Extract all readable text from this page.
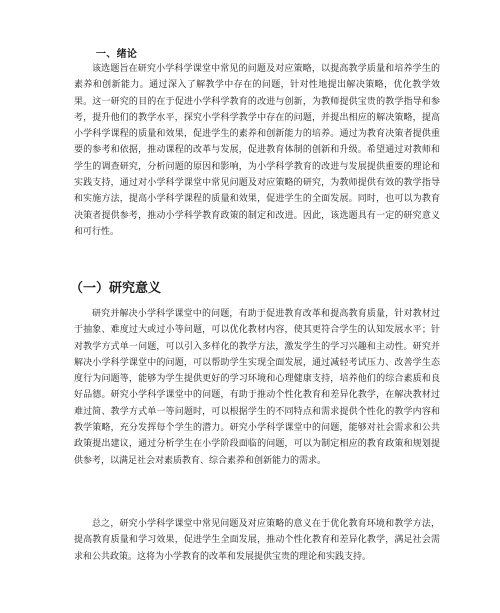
一、绪论

该选题旨在研究小学科学课堂中常见的问题及对应策略，以提高教学质量和培养学生的素养和创新能力。通过深入了解教学中存在的问题，针对性地提出解决策略，优化教学效果。这一研究的目的在于促进小学科学教育的改进与创新，为教师提供宝贵的教学指导和参考，提升他们的教学水平，探究小学科学教学中存在的问题，并提出相应的解决策略，提高小学科学课程的质量和效果，促进学生的素养和创新能力的培养。通过为教育决策者提供重要的参考和依据，推动课程的改革与发展，促进教育体制的创新和升级。希望通过对教师和学生的调查研究，分析问题的原因和影响，为小学科学教育的改进与发展提供重要的理论和实践支持，通过对小学科学课堂中常见问题及对应策略的研究，为教师提供有效的教学指导和实施方法，提高小学科学课程的质量和效果，促进学生的全面发展。同时，也可以为教育决策者提供参考，推动小学科学教育政策的制定和改进。因此，该选题具有一定的研究意义和可行性。

（一）研究意义

研究并解决小学科学课堂中的问题，有助于促进教育改革和提高教育质量，针对教材过于抽象、难度过大或过小等问题，可以优化教材内容，使其更符合学生的认知发展水平；针对教学方式单一问题，可以引入多样化的教学方法，激发学生的学习兴趣和主动性。研究并解决小学科学课堂中的问题，可以帮助学生实现全面发展，通过减轻考试压力、改善学生态度行为问题等，能够为学生提供更好的学习环境和心理健康支持，培养他们的综合素质和良好品德。研究小学科学课堂中的问题，有助于推动个性化教育和差异化教学，在解决教材过难过简、教学方式单一等问题时，可以根据学生的不同特点和需求提供个性化的教学内容和教学策略，充分发挥每个学生的潜力。研究小学科学课堂中的问题，能够对社会需求和公共政策提出建议，通过分析学生在小学阶段面临的问题，可以为制定相应的教育政策和规划提供参考，以满足社会对素质教育、综合素养和创新能力的需求。

总之，研究小学科学课堂中常见问题及对应策略的意义在于优化教育环境和教学方法，提高教育质量和学习效果，促进学生全面发展，推动个性化教育和差异化教学，满足社会需求和公共政策。这将为小学教育的改革和发展提供宝贵的理论和实践支持。
